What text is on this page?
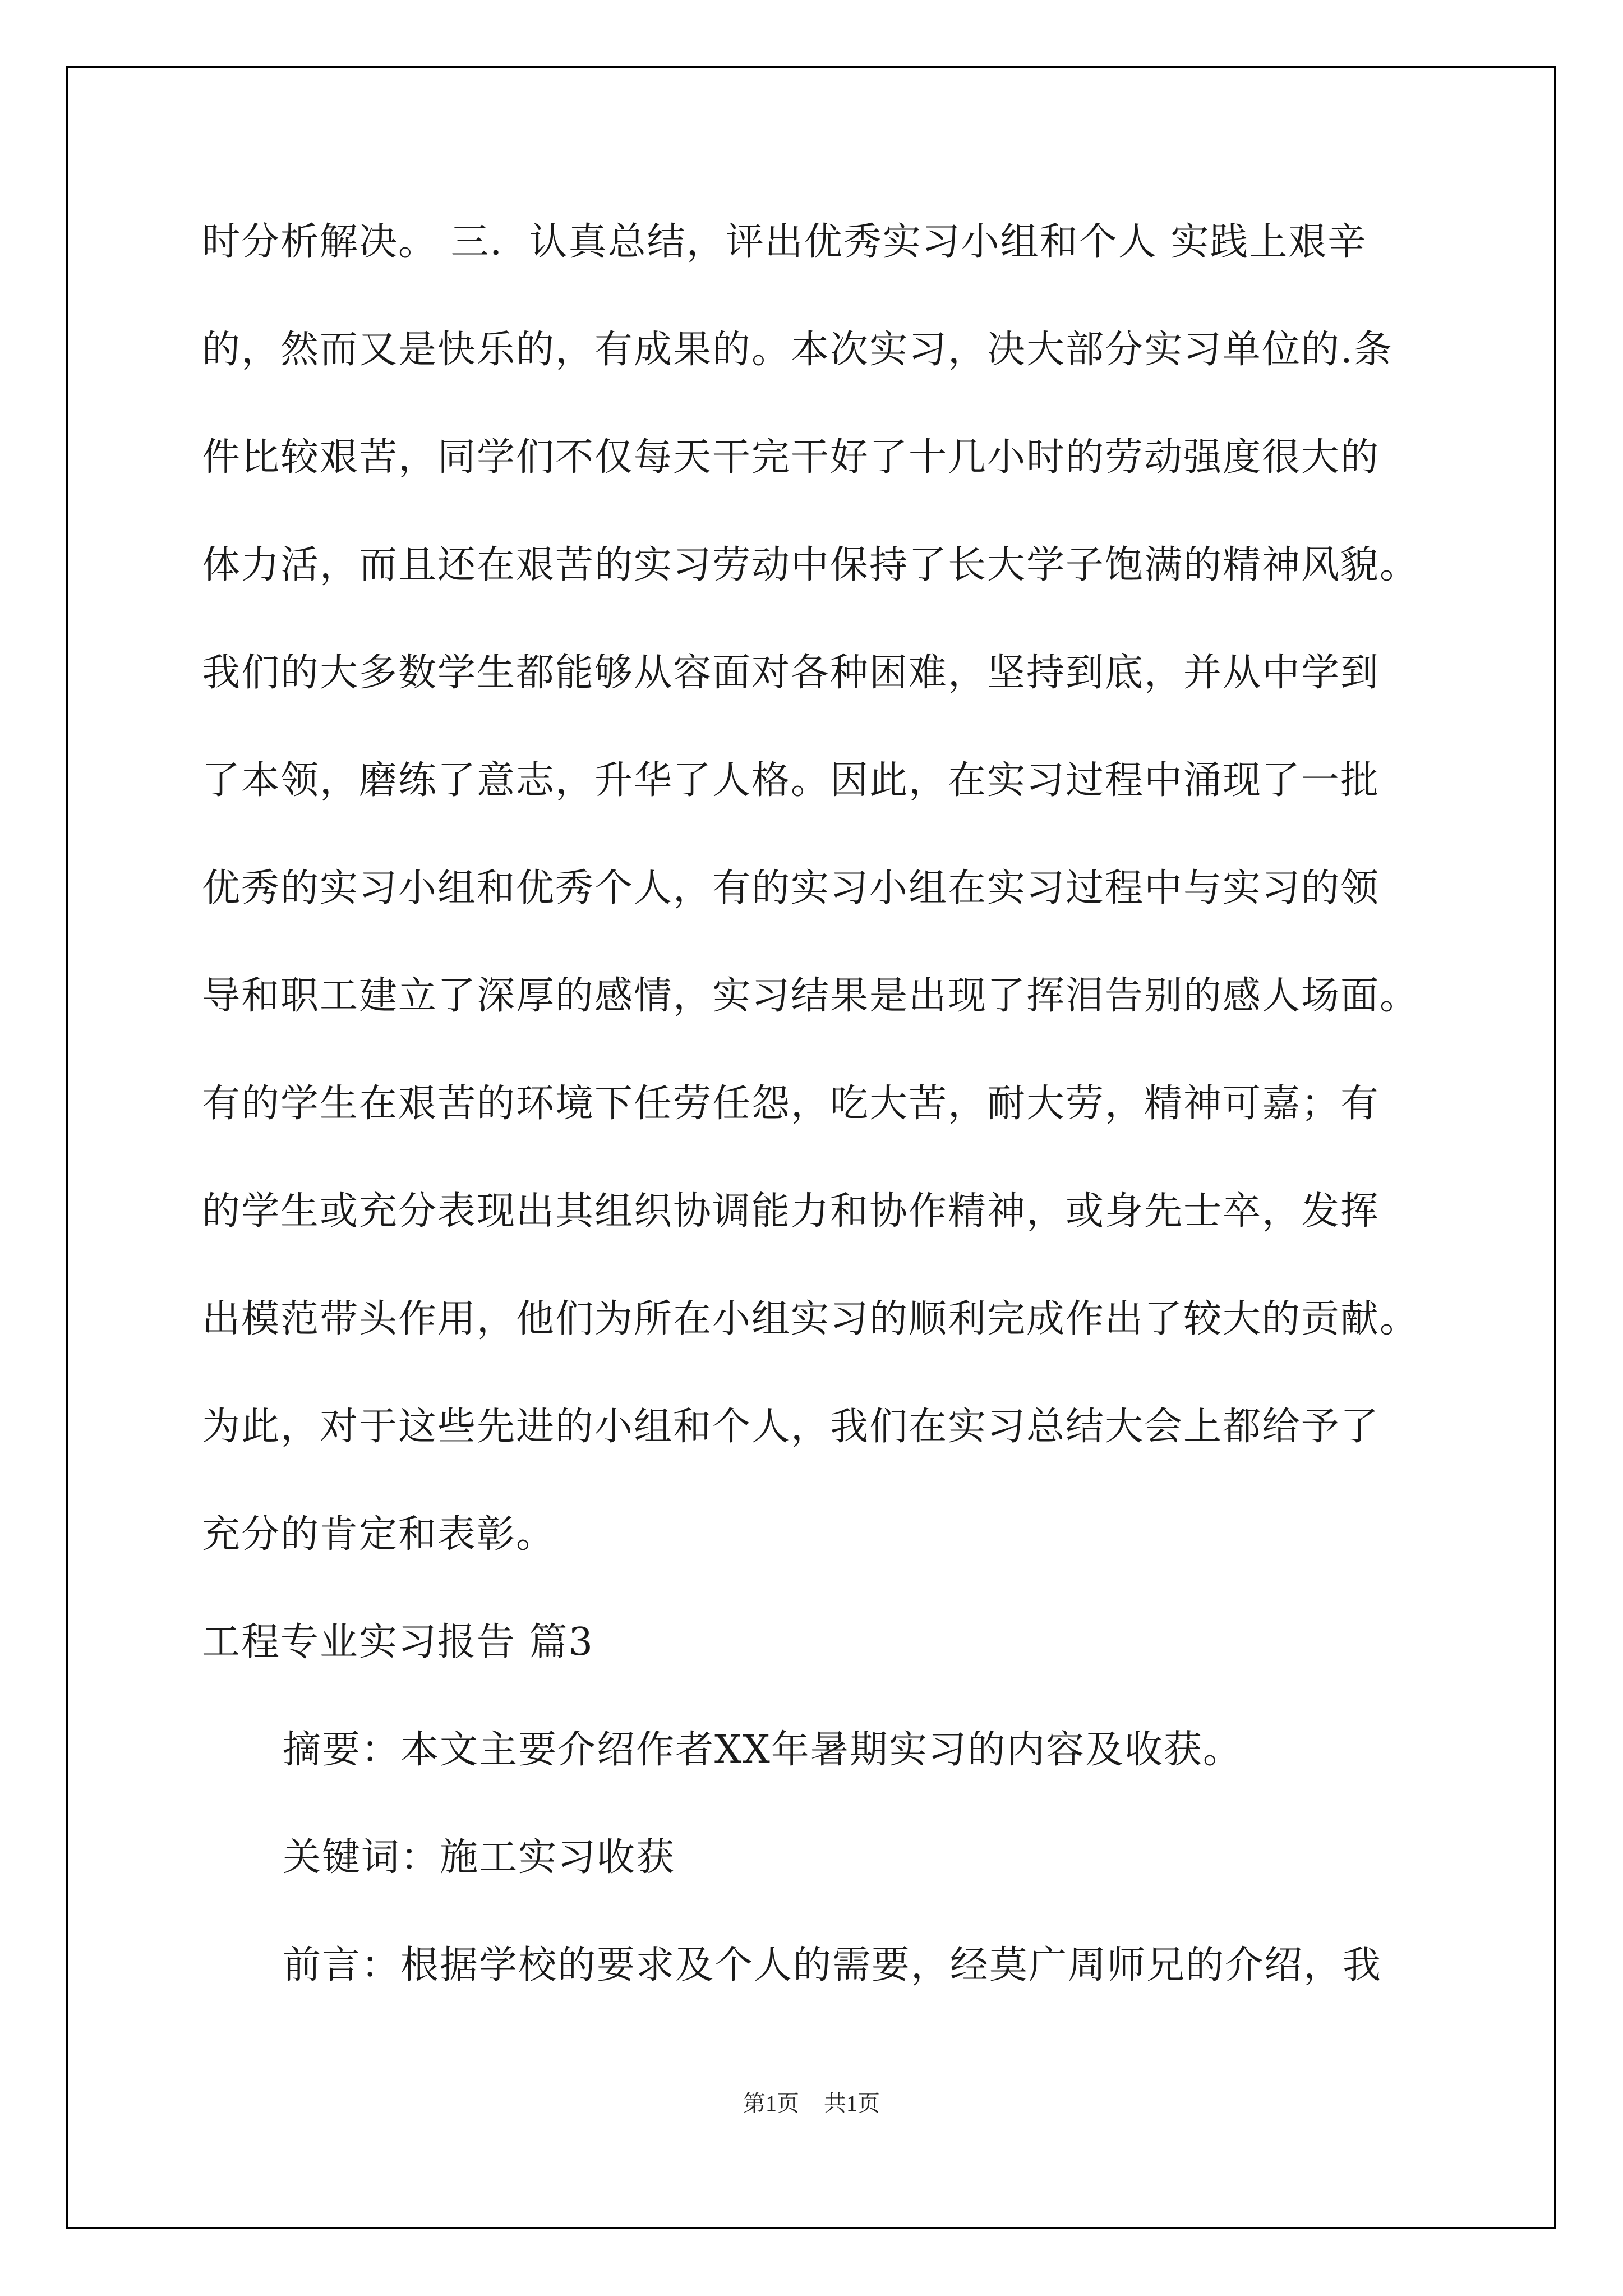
时分析解决。 三．认真总结，评出优秀实习小组和个人 实践上艰辛
的，然而又是快乐的，有成果的。本次实习，决大部分实习单位的.条
件比较艰苦，同学们不仅每天干完干好了十几小时的劳动强度很大的
体力活，而且还在艰苦的实习劳动中保持了长大学子饱满的精神风貌。
我们的大多数学生都能够从容面对各种困难，坚持到底，并从中学到
了本领，磨练了意志，升华了人格。因此，在实习过程中涌现了一批
优秀的实习小组和优秀个人，有的实习小组在实习过程中与实习的领
导和职工建立了深厚的感情，实习结果是出现了挥泪告别的感人场面。
有的学生在艰苦的环境下任劳任怨，吃大苦，耐大劳，精神可嘉；有
的学生或充分表现出其组织协调能力和协作精神，或身先士卒，发挥
出模范带头作用，他们为所在小组实习的顺利完成作出了较大的贡献。
为此，对于这些先进的小组和个人，我们在实习总结大会上都给予了
充分的肯定和表彰。
工程专业实习报告 篇3
摘要：本文主要介绍作者XX年暑期实习的内容及收获。
关键词：施工实习收获
前言：根据学校的要求及个人的需要，经莫广周师兄的介绍，我
第1页 共1页
